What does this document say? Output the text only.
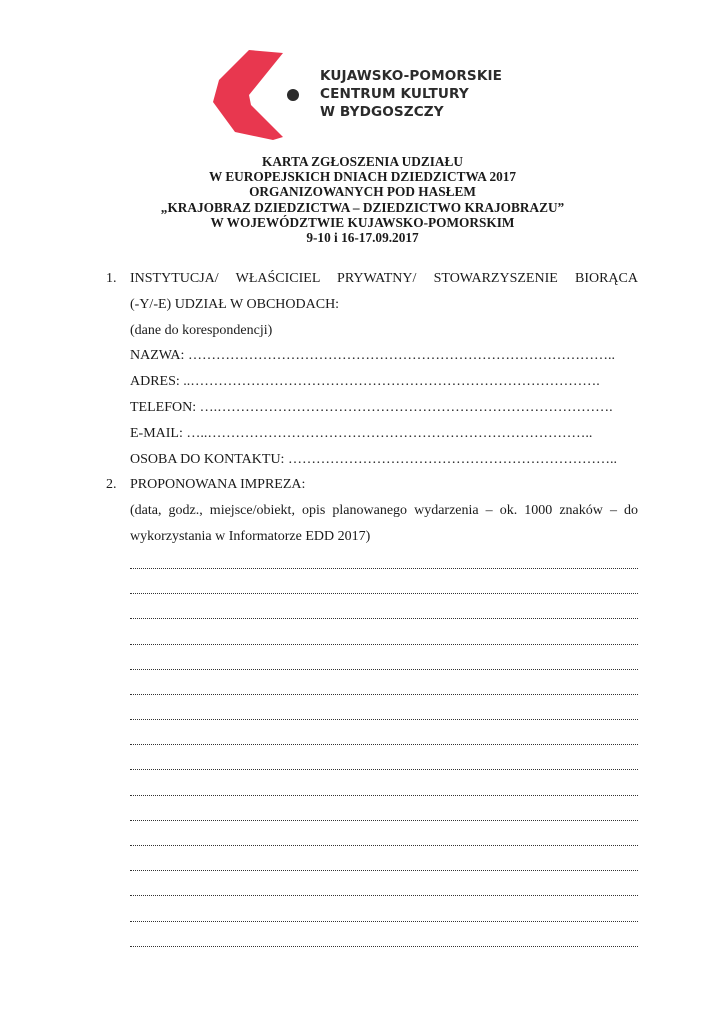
KUJAWSKO-POMORSKIE
CENTRUM KULTURY
W BYDGOSZCZY
KARTA ZGŁOSZENIA UDZIAŁU
W EUROPEJSKICH DNIACH DZIEDZICTWA 2017
ORGANIZOWANYCH POD HASŁEM
„KRAJOBRAZ DZIEDZICTWA – DZIEDZICTWO KRAJOBRAZU”
W WOJEWÓDZTWIE KUJAWSKO-POMORSKIM
9-10 i 16-17.09.2017
1. INSTYTUCJA/ WŁAŚCICIEL PRYWATNY/ STOWARZYSZENIE BIORĄCA
(-Y/-E) UDZIAŁ W OBCHODACH:
(dane do korespondencji)
NAZWA: ………………………………………………………………………………..
ADRES: ..…………………………………………………………………………….
TELEFON: ….………………………………………………………………………….
E-MAIL: …..………………………………………………………………………..
OSOBA DO KONTAKTU: ……………………………………………………………..
2. PROPONOWANA IMPREZA:
(data, godz., miejsce/obiekt, opis planowanego wydarzenia – ok. 1000 znaków – do
wykorzystania w Informatorze EDD 2017)
